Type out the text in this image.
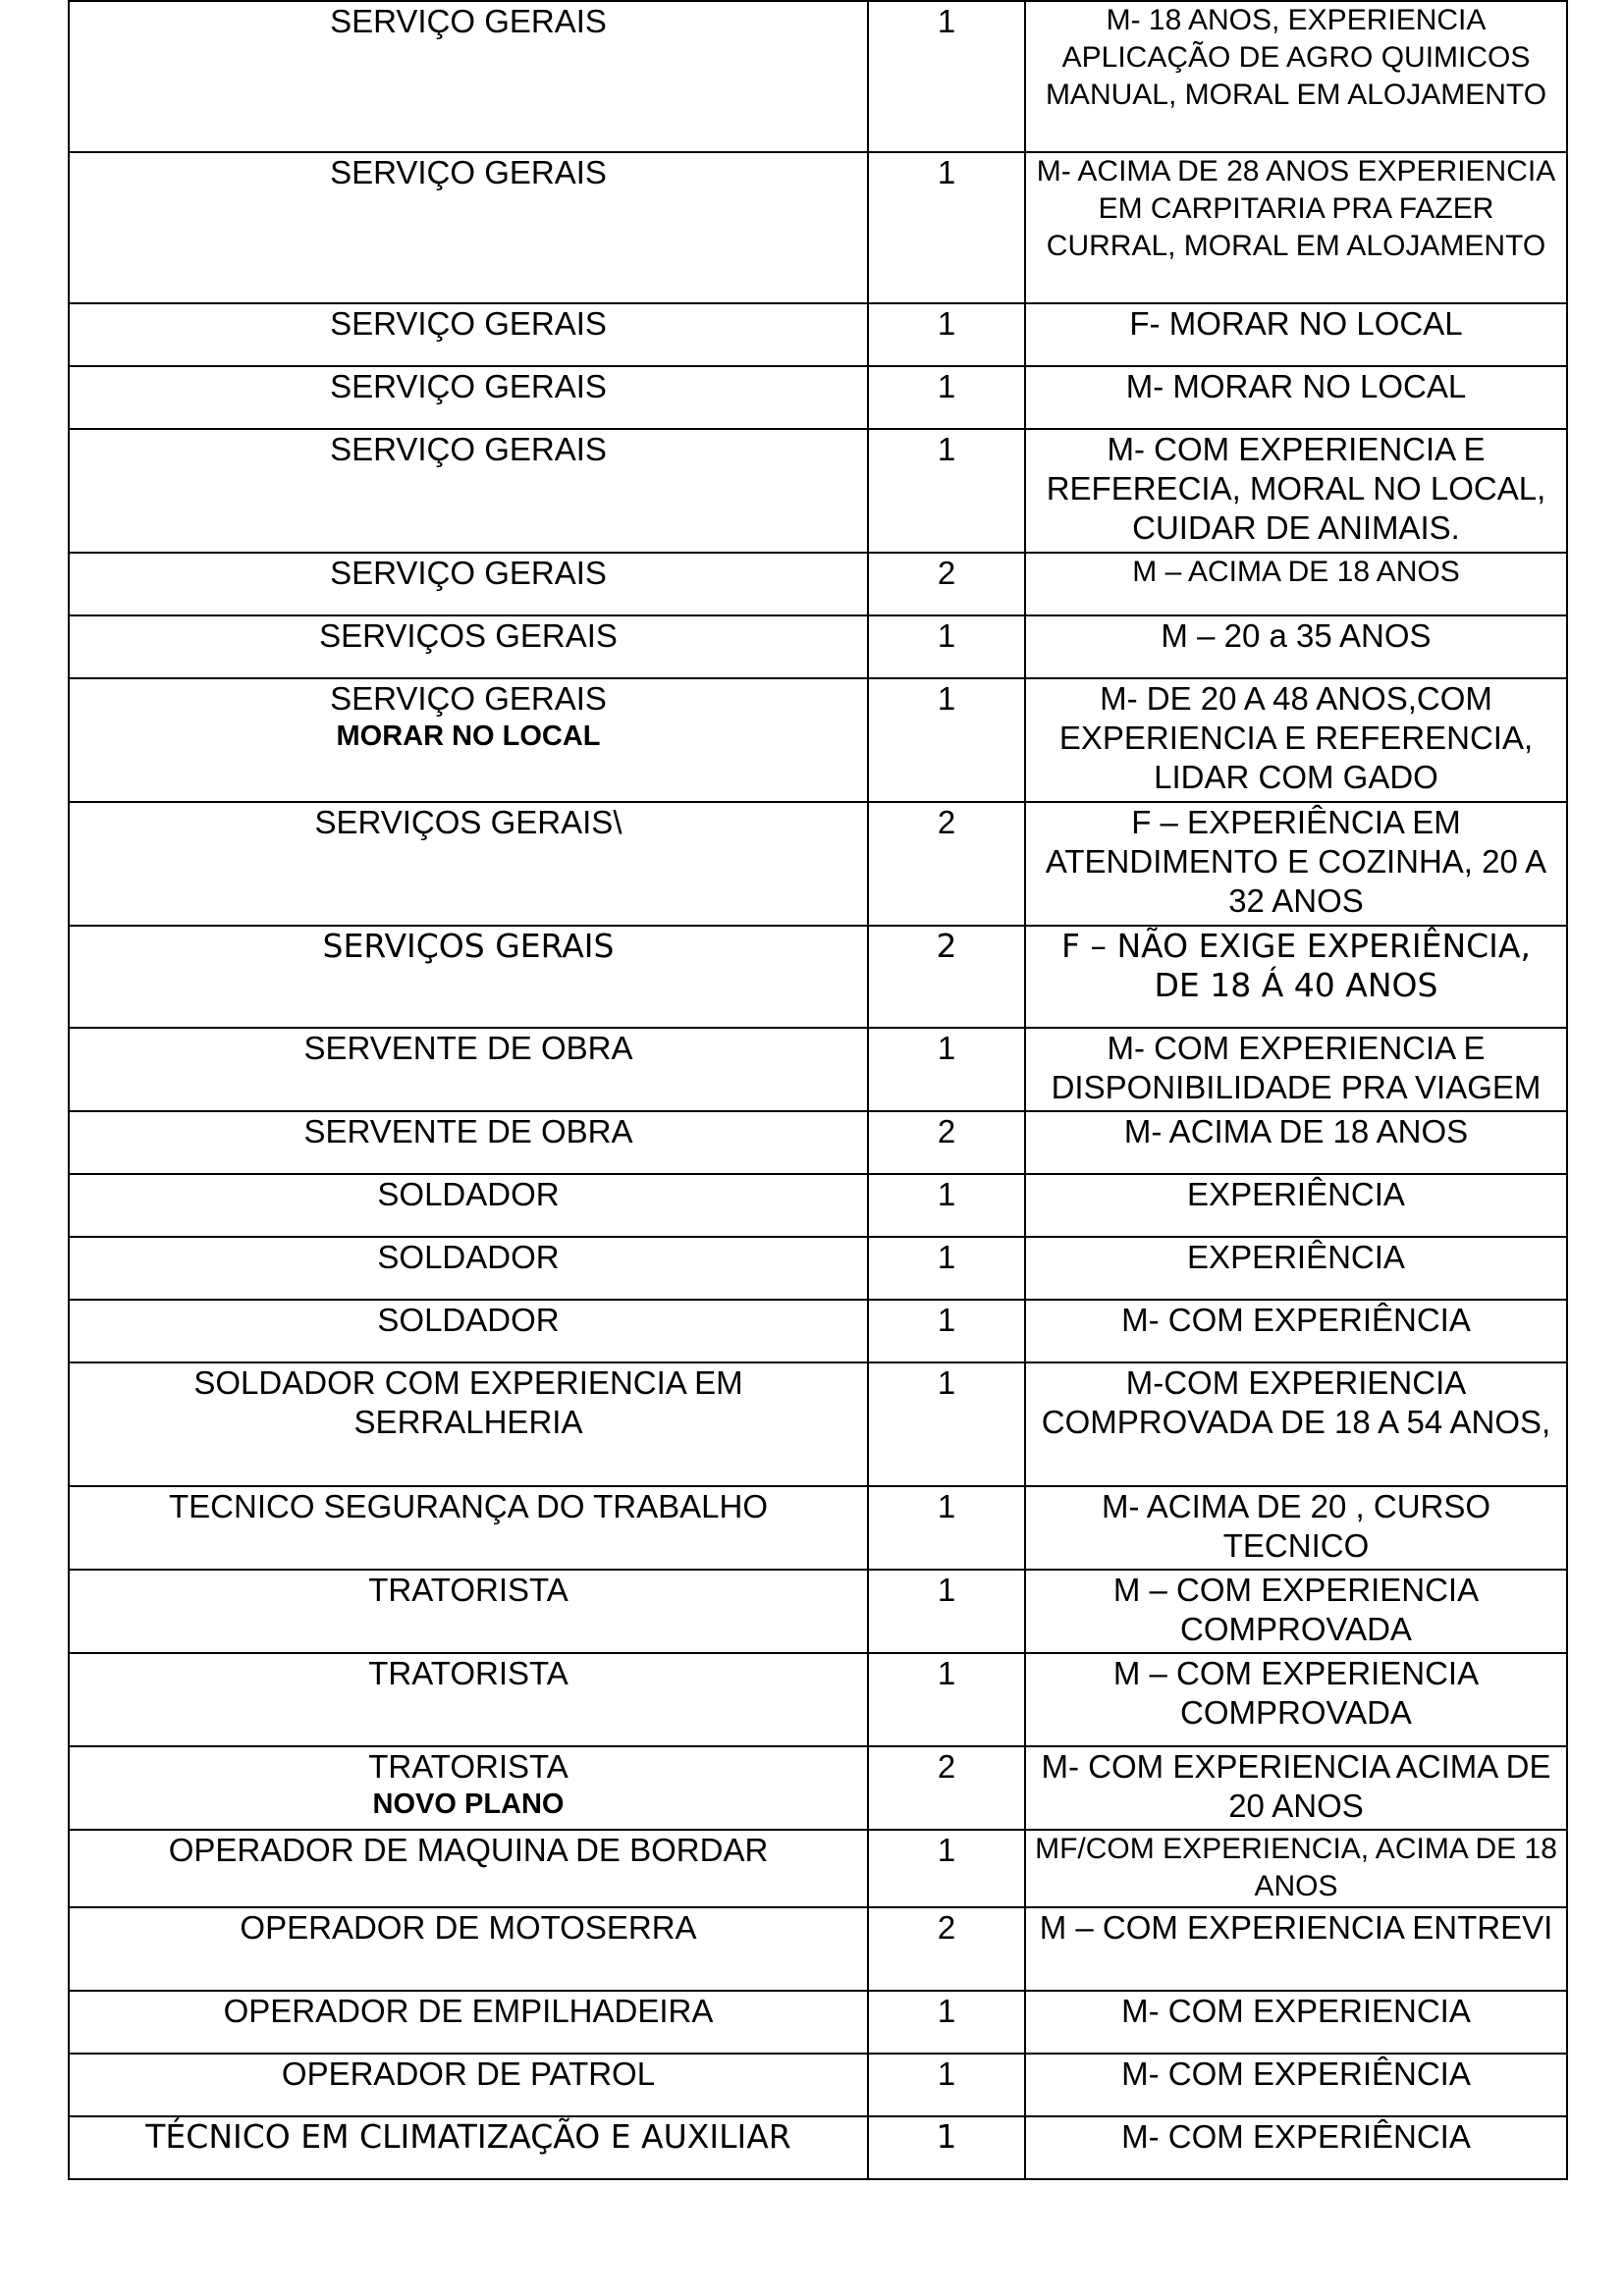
SERVIÇO GERAIS	1	M- 18 ANOS, EXPERIENCIA APLICAÇÃO DE AGRO QUIMICOS MANUAL, MORAL EM ALOJAMENTO

SERVIÇO GERAIS	1	M- ACIMA DE 28 ANOS EXPERIENCIA EM CARPITARIA PRA FAZER CURRAL, MORAL EM ALOJAMENTO

SERVIÇO GERAIS	1	F- MORAR NO LOCAL

SERVIÇO GERAIS	1	M- MORAR NO LOCAL

SERVIÇO GERAIS	1	M- COM EXPERIENCIA E REFERECIA, MORAL NO LOCAL, CUIDAR DE ANIMAIS.

SERVIÇO GERAIS	2	M – ACIMA DE 18 ANOS

SERVIÇOS GERAIS	1	M – 20 a 35 ANOS

SERVIÇO GERAIS
MORAR NO LOCAL	1	M- DE 20 A 48 ANOS,COM EXPERIENCIA E REFERENCIA, LIDAR COM GADO

SERVIÇOS GERAIS\	2	F – EXPERIÊNCIA EM ATENDIMENTO E COZINHA, 20 A 32 ANOS

SERVIÇOS GERAIS	2	F – NÃO EXIGE EXPERIÊNCIA, DE 18 Á 40 ANOS

SERVENTE DE OBRA	1	M- COM EXPERIENCIA E DISPONIBILIDADE PRA VIAGEM

SERVENTE DE OBRA	2	M- ACIMA DE 18 ANOS

SOLDADOR	1	EXPERIÊNCIA

SOLDADOR	1	EXPERIÊNCIA

SOLDADOR	1	M- COM EXPERIÊNCIA

SOLDADOR COM EXPERIENCIA EM SERRALHERIA	1	M-COM EXPERIENCIA COMPROVADA DE 18 A 54 ANOS,

TECNICO SEGURANÇA DO TRABALHO	1	M- ACIMA DE 20 , CURSO TECNICO

TRATORISTA	1	M – COM EXPERIENCIA COMPROVADA

TRATORISTA	1	M – COM EXPERIENCIA COMPROVADA

TRATORISTA
NOVO PLANO	2	M- COM EXPERIENCIA ACIMA DE 20 ANOS

OPERADOR DE MAQUINA DE BORDAR	1	MF/COM EXPERIENCIA, ACIMA DE 18 ANOS

OPERADOR DE MOTOSERRA	2	M – COM EXPERIENCIA ENTREVI

OPERADOR DE EMPILHADEIRA	1	M- COM EXPERIENCIA

OPERADOR DE PATROL	1	M- COM EXPERIÊNCIA

TÉCNICO EM CLIMATIZAÇÃO E AUXILIAR	1	M- COM EXPERIÊNCIA
